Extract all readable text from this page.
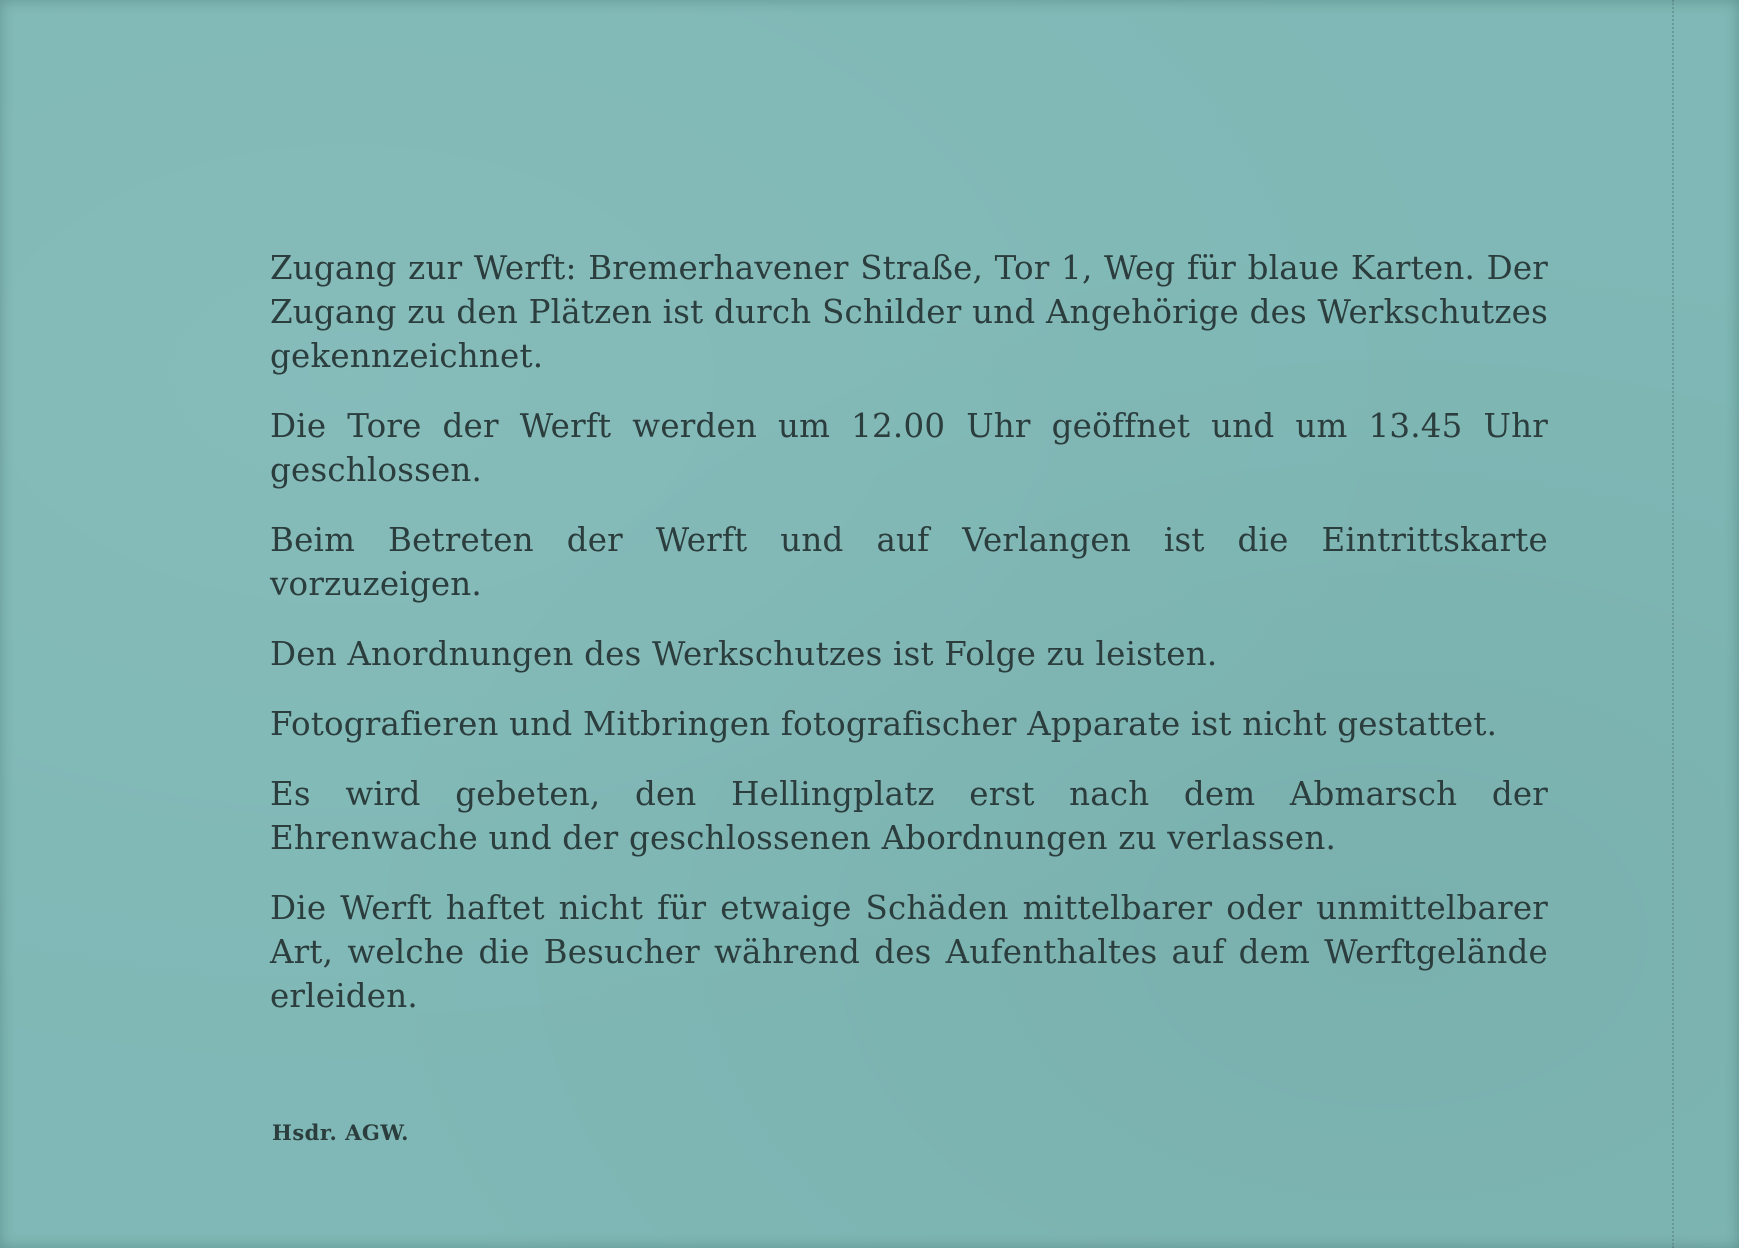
Zugang zur Werft: Bremerhavener Straße, Tor 1, Weg für blaue Karten. Der Zugang zu den Plätzen ist durch Schilder und Angehörige des Werkschutzes gekennzeichnet.

Die Tore der Werft werden um 12.00 Uhr geöffnet und um 13.45 Uhr geschlossen.

Beim Betreten der Werft und auf Verlangen ist die Eintrittskarte vorzuzeigen.

Den Anordnungen des Werkschutzes ist Folge zu leisten.

Fotografieren und Mitbringen fotografischer Apparate ist nicht gestattet.

Es wird gebeten, den Hellingplatz erst nach dem Abmarsch der Ehrenwache und der geschlossenen Abordnungen zu verlassen.

Die Werft haftet nicht für etwaige Schäden mittelbarer oder unmittelbarer Art, welche die Besucher während des Aufenthaltes auf dem Werftgelände erleiden.

Hsdr. AGW.
